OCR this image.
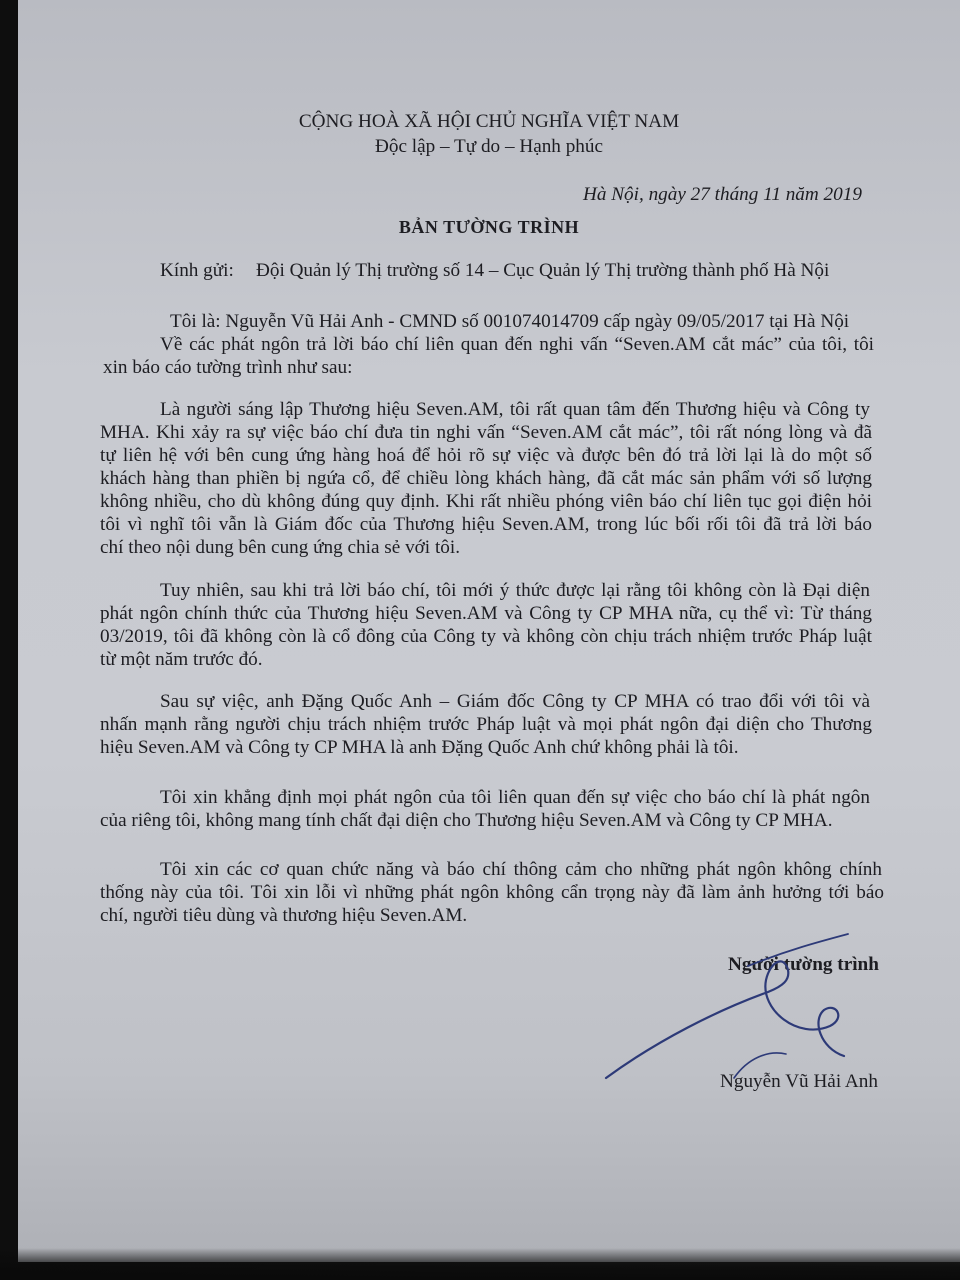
CỘNG HOÀ XÃ HỘI CHỦ NGHĨA VIỆT NAM
Độc lập – Tự do – Hạnh phúc
Hà Nội, ngày 27 tháng 11 năm 2019
BẢN TƯỜNG TRÌNH
Kính gửi: Đội Quản lý Thị trường số 14 – Cục Quản lý Thị trường thành phố Hà Nội
Tôi là: Nguyễn Vũ Hải Anh - CMND số 001074014709 cấp ngày 09/05/2017 tại Hà Nội
Về các phát ngôn trả lời báo chí liên quan đến nghi vấn “Seven.AM cắt mác” của tôi, tôi
xin báo cáo tường trình như sau:
Là người sáng lập Thương hiệu Seven.AM, tôi rất quan tâm đến Thương hiệu và Công ty
MHA. Khi xảy ra sự việc báo chí đưa tin nghi vấn “Seven.AM cắt mác”, tôi rất nóng lòng và đã
tự liên hệ với bên cung ứng hàng hoá để hỏi rõ sự việc và được bên đó trả lời lại là do một số
khách hàng than phiền bị ngứa cổ, để chiều lòng khách hàng, đã cắt mác sản phẩm với số lượng
không nhiều, cho dù không đúng quy định. Khi rất nhiều phóng viên báo chí liên tục gọi điện hỏi
tôi vì nghĩ tôi vẫn là Giám đốc của Thương hiệu Seven.AM, trong lúc bối rối tôi đã trả lời báo
chí theo nội dung bên cung ứng chia sẻ với tôi.
Tuy nhiên, sau khi trả lời báo chí, tôi mới ý thức được lại rằng tôi không còn là Đại diện
phát ngôn chính thức của Thương hiệu Seven.AM và Công ty CP MHA nữa, cụ thể vì: Từ tháng
03/2019, tôi đã không còn là cổ đông của Công ty và không còn chịu trách nhiệm trước Pháp luật
từ một năm trước đó.
Sau sự việc, anh Đặng Quốc Anh – Giám đốc Công ty CP MHA có trao đổi với tôi và
nhấn mạnh rằng người chịu trách nhiệm trước Pháp luật và mọi phát ngôn đại diện cho Thương
hiệu Seven.AM và Công ty CP MHA là anh Đặng Quốc Anh chứ không phải là tôi.
Tôi xin khẳng định mọi phát ngôn của tôi liên quan đến sự việc cho báo chí là phát ngôn
của riêng tôi, không mang tính chất đại diện cho Thương hiệu Seven.AM và Công ty CP MHA.
Tôi xin các cơ quan chức năng và báo chí thông cảm cho những phát ngôn không chính
thống này của tôi. Tôi xin lỗi vì những phát ngôn không cẩn trọng này đã làm ảnh hưởng tới báo
chí, người tiêu dùng và thương hiệu Seven.AM.
Người tường trình
Nguyễn Vũ Hải Anh
